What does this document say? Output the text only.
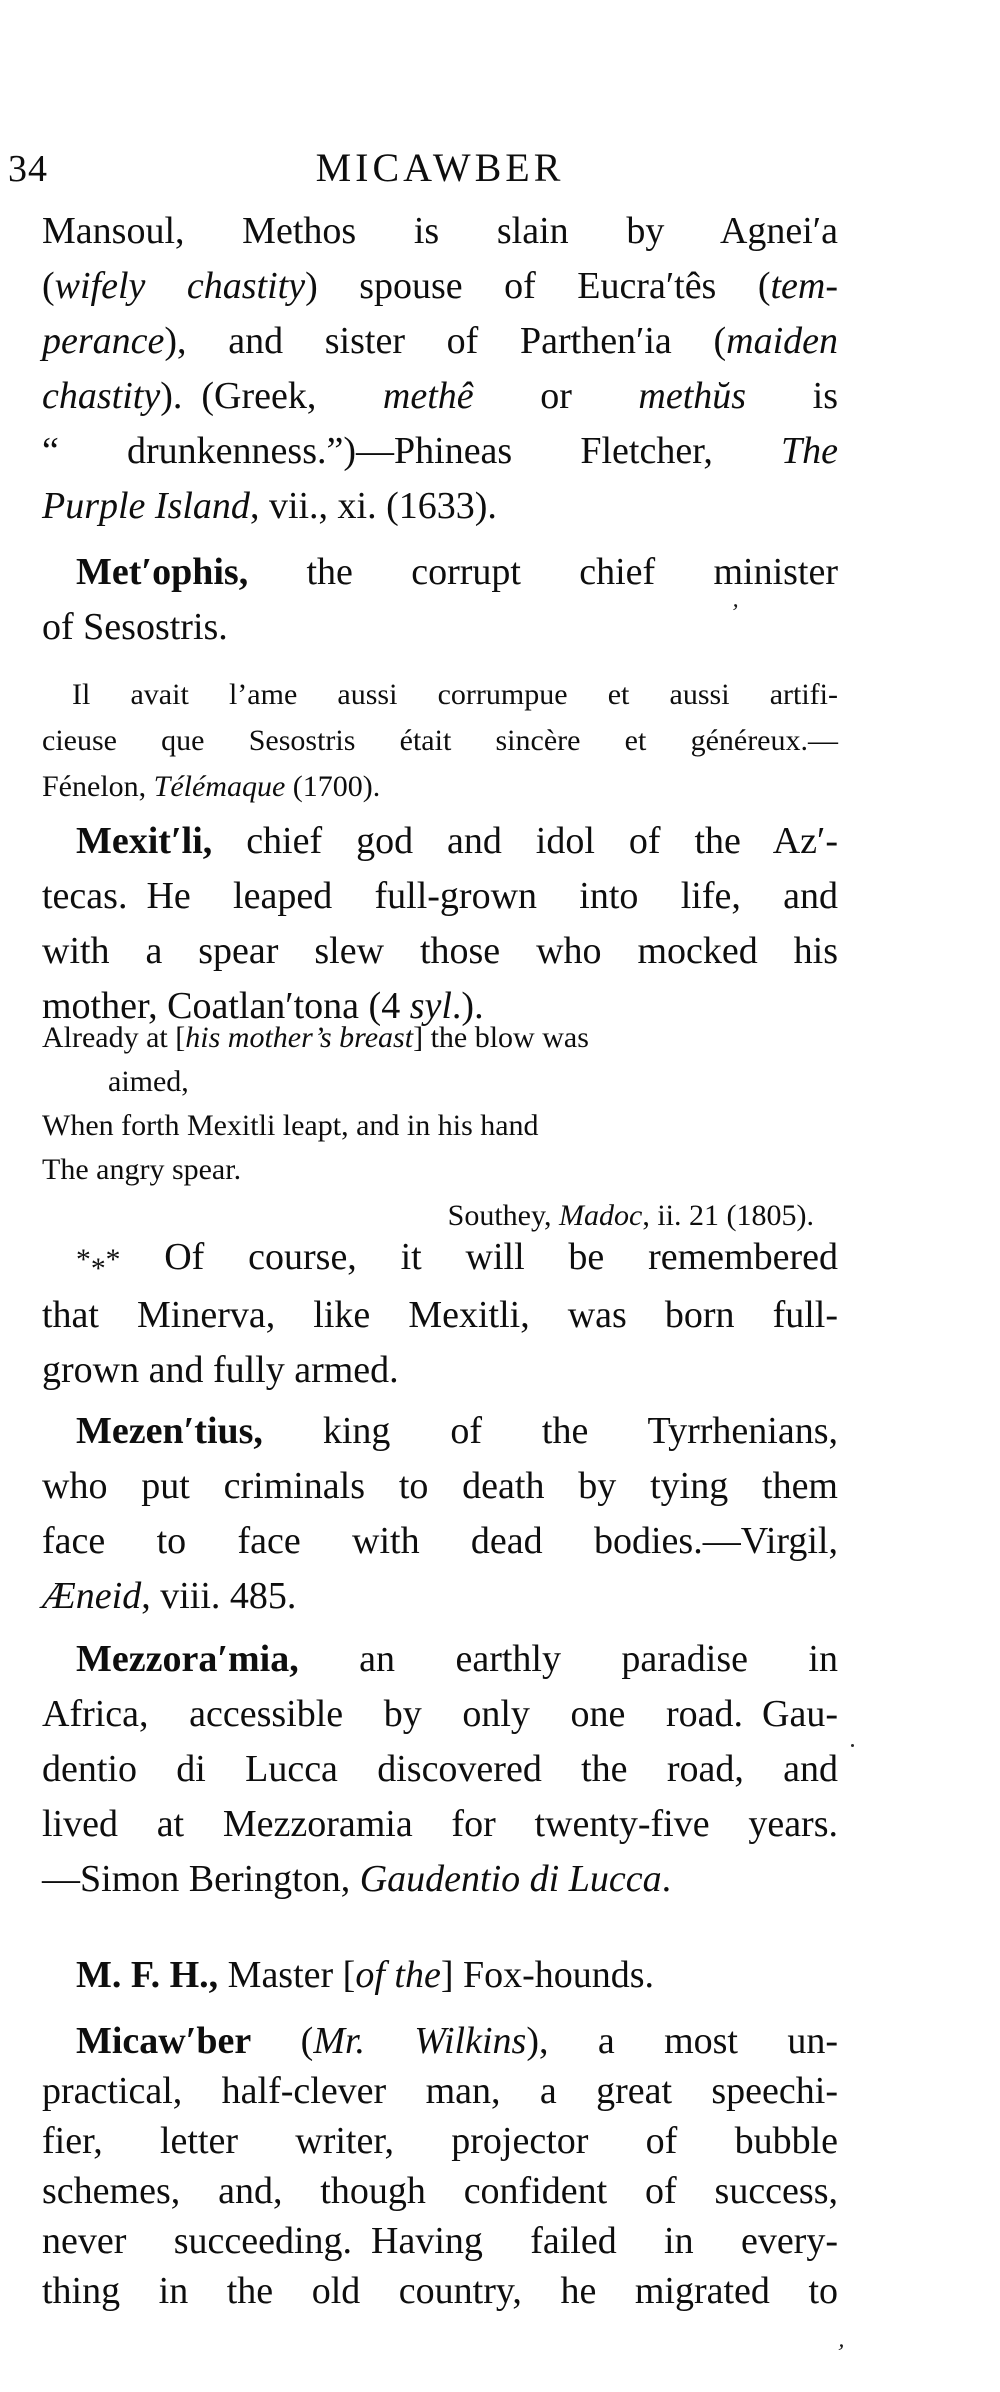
34	MICAWBER
Mansoul, Methos is slain by Agnei′a
(wifely chastity) spouse of Eucra′tês (tem-
perance), and sister of Parthen′ia (maiden
chastity). (Greek, methê or methŭs is
“ drunkenness.”)—Phineas Fletcher, The
Purple Island, vii., xi. (1633).
Met′ophis, the corrupt chief minister
of Sesostris.
Il avait l’ame aussi corrumpue et aussi artifi-
cieuse que Sesostris était sincère et généreux.—
Fénelon, Télémaque (1700).
Mexit′li, chief god and idol of the Az′-
tecas. He leaped full-grown into life, and
with a spear slew those who mocked his
mother, Coatlan′tona (4 syl.).
Already at [his mother’s breast] the blow was
aimed,
When forth Mexitli leapt, and in his hand
The angry spear.
Southey, Madoc, ii. 21 (1805).
*** Of course, it will be remembered
that Minerva, like Mexitli, was born full-
grown and fully armed.
Mezen′tius, king of the Tyrrhenians,
who put criminals to death by tying them
face to face with dead bodies.—Virgil,
Æneid, viii. 485.
Mezzora′mia, an earthly paradise in
Africa, accessible by only one road. Gau-
dentio di Lucca discovered the road, and
lived at Mezzoramia for twenty-five years.
—Simon Berington, Gaudentio di Lucca.
M. F. H., Master [of the] Fox-hounds.
Micaw′ber (Mr. Wilkins), a most un-
practical, half-clever man, a great speechi-
fier, letter writer, projector of bubble
schemes, and, though confident of success,
never succeeding. Having failed in every-
thing in the old country, he migrated to
’
’
